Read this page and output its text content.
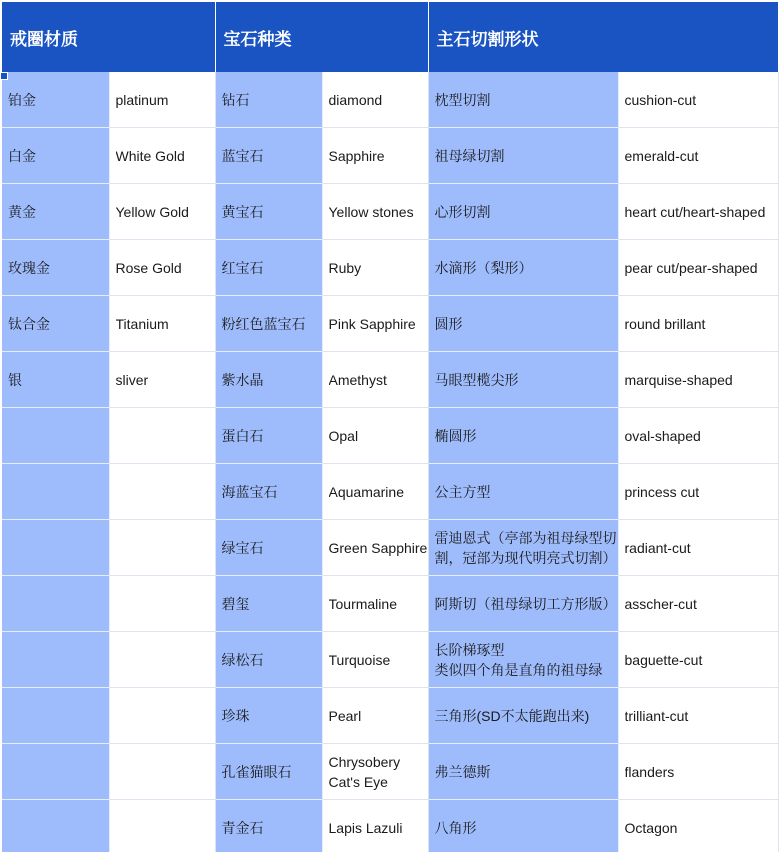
戒圈材质		宝石种类		主石切割形状	

铂金	platinum	钻石	diamond	枕型切割	cushion-cut

白金	White Gold	蓝宝石	Sapphire	祖母绿切割	emerald-cut

黄金	Yellow Gold	黄宝石	Yellow stones	心形切割	heart cut/heart-shaped

玫瑰金	Rose Gold	红宝石	Ruby	水滴形（梨形）	pear cut/pear-shaped

钛合金	Titanium	粉红色蓝宝石	Pink Sapphire	圆形	round brillant

银	sliver	紫水晶	Amethyst	马眼型榄尖形	marquise-shaped

		蛋白石	Opal	椭圆形	oval-shaped

		海蓝宝石	Aquamarine	公主方型	princess cut

		绿宝石	Green Sapphire	雷迪恩式（亭部为祖母绿型切割，冠部为现代明亮式切割）	radiant-cut

		碧玺	Tourmaline	阿斯切（祖母绿切工方形版）	asscher-cut

		绿松石	Turquoise	长阶梯琢型
类似四个角是直角的祖母绿	baguette-cut

		珍珠	Pearl	三角形(SD不太能跑出来)	trilliant-cut

		孔雀猫眼石	Chrysobery Cat's Eye	弗兰德斯	flanders

		青金石	Lapis Lazuli	八角形	Octagon
